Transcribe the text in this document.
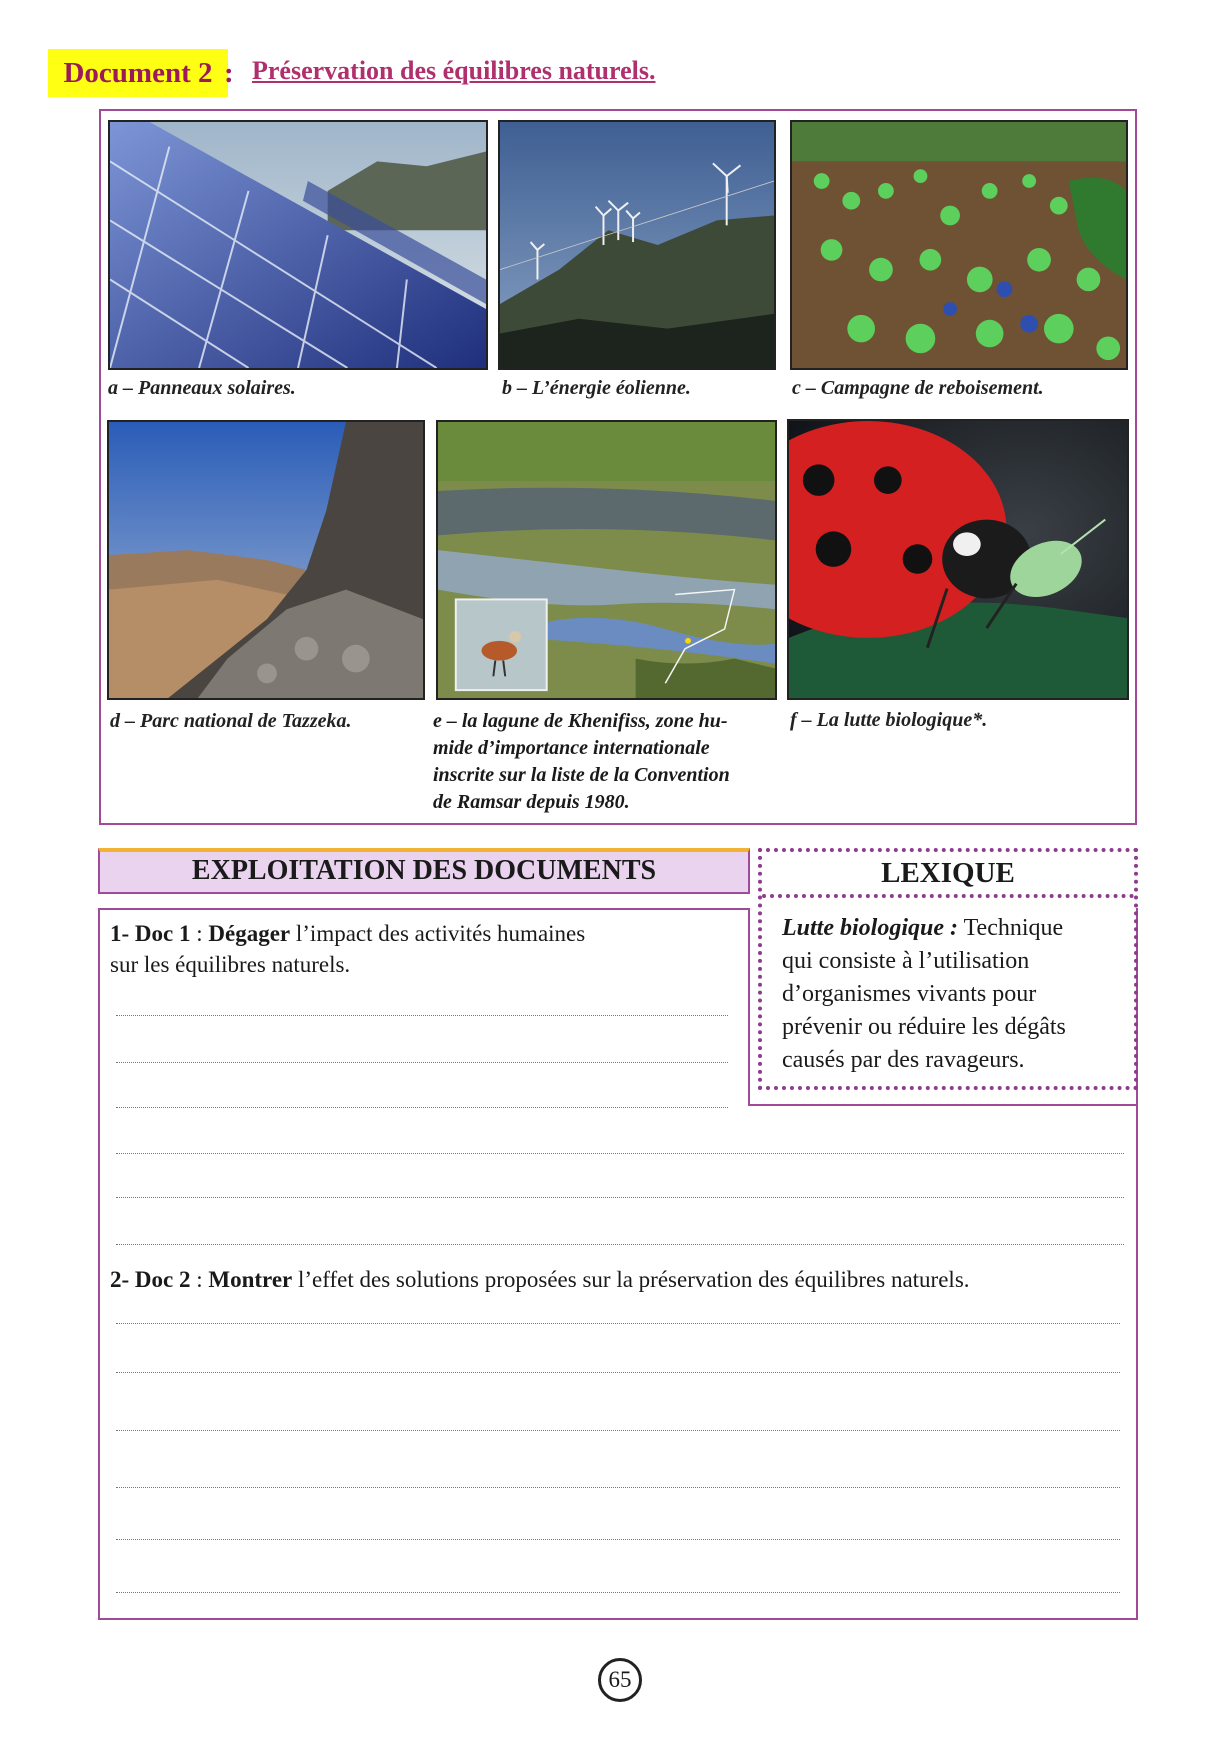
Document 2 : Préservation des équilibres naturels.
a – Panneaux solaires.	b – L’énergie éolienne.	c – Campagne de reboisement.
d – Parc national de Tazzeka.	e – la lagune de Khenifiss, zone hu-
mide d’importance internationale
inscrite sur la liste de la Convention
de Ramsar depuis 1980.
f – La lutte biologique*.
EXPLOITATION DES DOCUMENTS	LEXIQUE
Lutte biologique : Technique
qui consiste à l’utilisation
d’organismes vivants pour
prévenir ou réduire les dégâts
causés par des ravageurs.
1- Doc 1 : Dégager l’impact des activités humaines
sur les équilibres naturels.
2- Doc 2 : Montrer l’effet des solutions proposées sur la préservation des équilibres naturels.
65
